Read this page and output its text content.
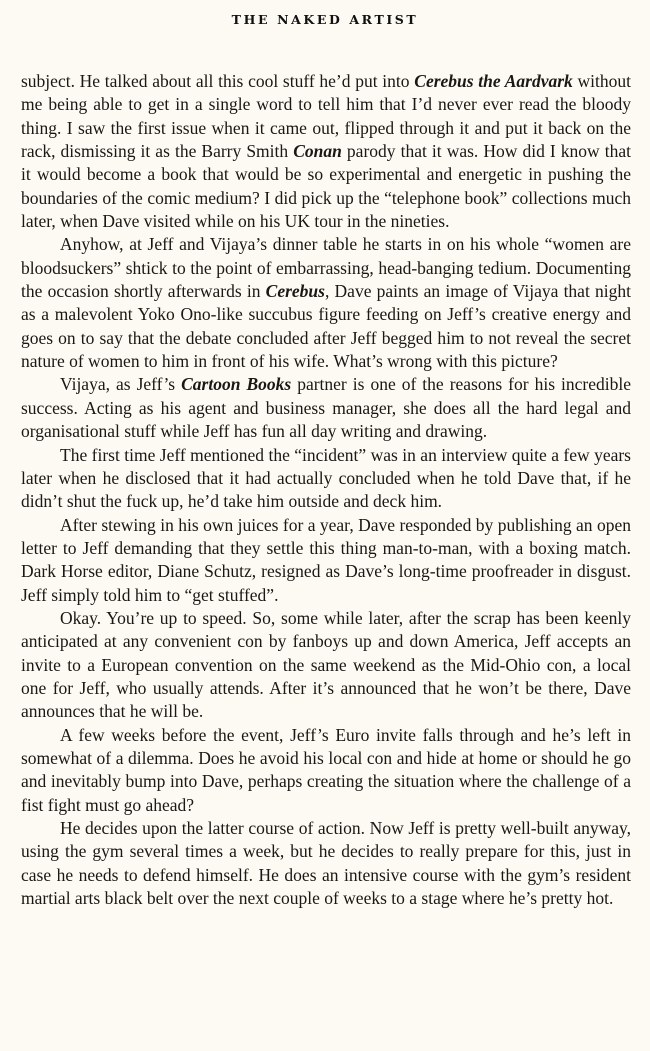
THE NAKED ARTIST

subject. He talked about all this cool stuff he’d put into Cerebus the Aardvark without me being able to get in a single word to tell him that I’d never ever read the bloody thing. I saw the first issue when it came out, flipped through it and put it back on the rack, dismissing it as the Barry Smith Conan parody that it was. How did I know that it would become a book that would be so experimental and energetic in pushing the boundaries of the comic medium? I did pick up the “telephone book” collections much later, when Dave visited while on his UK tour in the nineties.

Anyhow, at Jeff and Vijaya’s dinner table he starts in on his whole “women are bloodsuckers” shtick to the point of embarrassing, head-banging tedium. Documenting the occasion shortly afterwards in Cerebus, Dave paints an image of Vijaya that night as a malevolent Yoko Ono-like succubus figure feeding on Jeff’s creative energy and goes on to say that the debate concluded after Jeff begged him to not reveal the secret nature of women to him in front of his wife. What’s wrong with this picture?

Vijaya, as Jeff’s Cartoon Books partner is one of the reasons for his incredible success. Acting as his agent and business manager, she does all the hard legal and organisational stuff while Jeff has fun all day writing and drawing.

The first time Jeff mentioned the “incident” was in an interview quite a few years later when he disclosed that it had actually concluded when he told Dave that, if he didn’t shut the fuck up, he’d take him outside and deck him.

After stewing in his own juices for a year, Dave responded by publishing an open letter to Jeff demanding that they settle this thing man-to-man, with a boxing match. Dark Horse editor, Diane Schutz, resigned as Dave’s long-time proofreader in disgust. Jeff simply told him to “get stuffed”.

Okay. You’re up to speed. So, some while later, after the scrap has been keenly anticipated at any convenient con by fanboys up and down America, Jeff accepts an invite to a European convention on the same weekend as the Mid-Ohio con, a local one for Jeff, who usually attends. After it’s announced that he won’t be there, Dave announces that he will be.

A few weeks before the event, Jeff’s Euro invite falls through and he’s left in somewhat of a dilemma. Does he avoid his local con and hide at home or should he go and inevitably bump into Dave, perhaps creating the situation where the challenge of a fist fight must go ahead?

He decides upon the latter course of action. Now Jeff is pretty well-built anyway, using the gym several times a week, but he decides to really prepare for this, just in case he needs to defend himself. He does an intensive course with the gym’s resident martial arts black belt over the next couple of weeks to a stage where he’s pretty hot.
